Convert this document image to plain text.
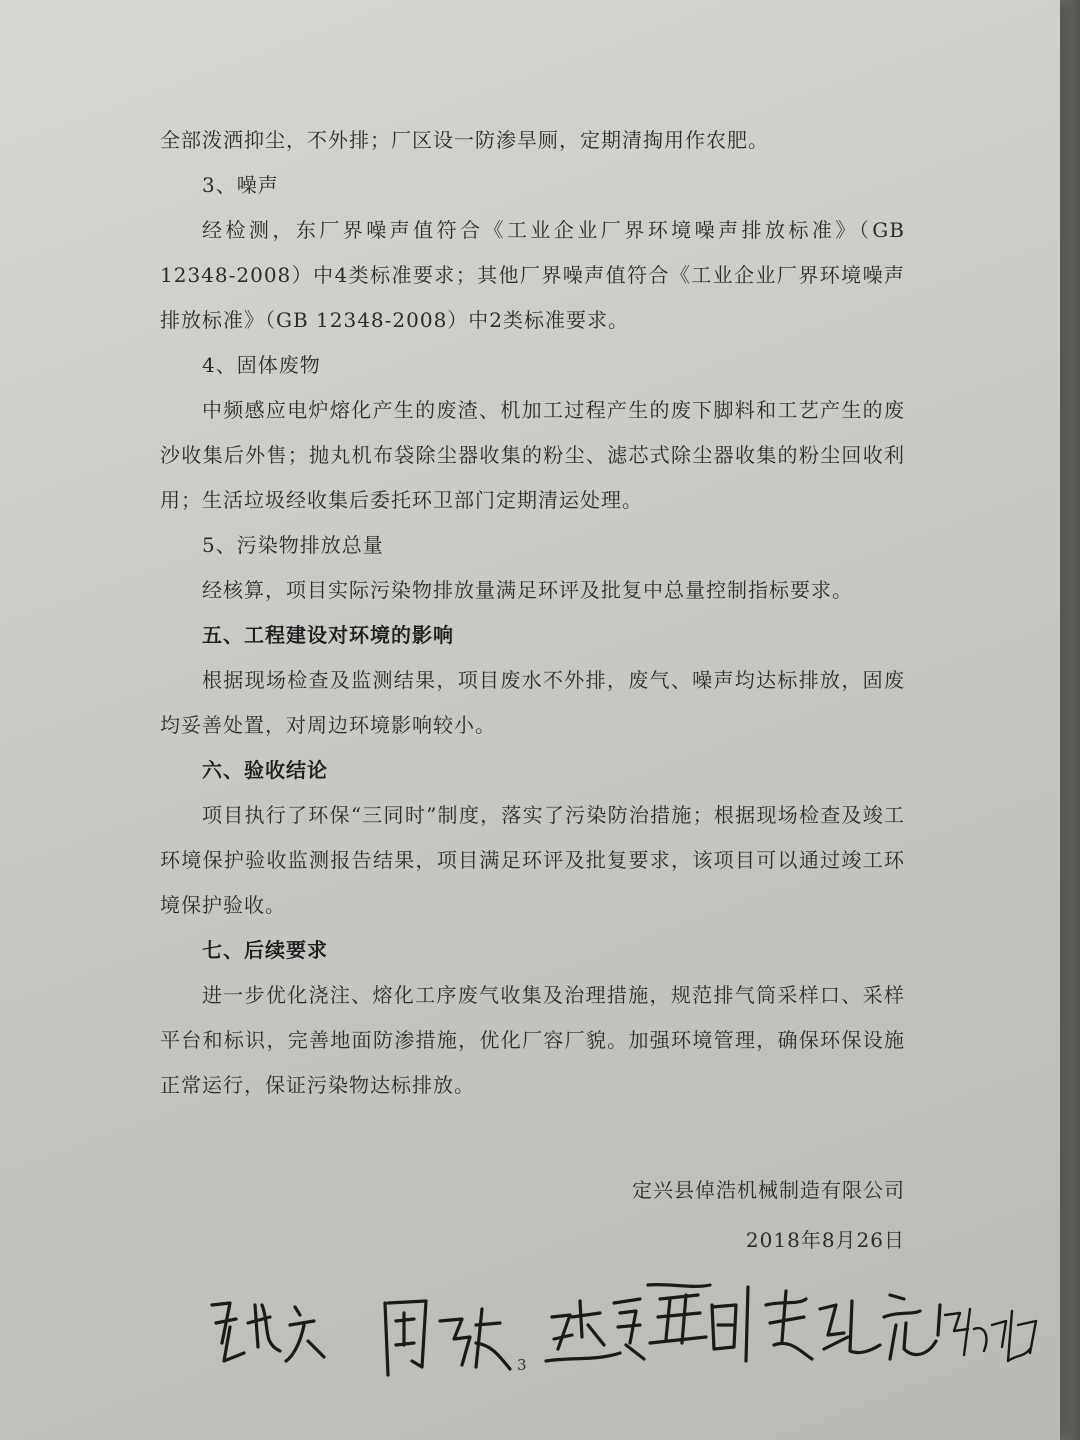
全部泼洒抑尘，不外排；厂区设一防渗旱厕，定期清掏用作农肥。

3、噪声

经检测，东厂界噪声值符合《工业企业厂界环境噪声排放标准》（GB 12348-2008）中4类标准要求；其他厂界噪声值符合《工业企业厂界环境噪声排放标准》（GB 12348-2008）中2类标准要求。

4、固体废物

中频感应电炉熔化产生的废渣、机加工过程产生的废下脚料和工艺产生的废沙收集后外售；抛丸机布袋除尘器收集的粉尘、滤芯式除尘器收集的粉尘回收利用；生活垃圾经收集后委托环卫部门定期清运处理。

5、污染物排放总量

经核算，项目实际污染物排放量满足环评及批复中总量控制指标要求。

五、工程建设对环境的影响

根据现场检查及监测结果，项目废水不外排，废气、噪声均达标排放，固废均妥善处置，对周边环境影响较小。

六、验收结论

项目执行了环保“三同时”制度，落实了污染防治措施；根据现场检查及竣工环境保护验收监测报告结果，项目满足环评及批复要求，该项目可以通过竣工环境保护验收。

七、后续要求

进一步优化浇注、熔化工序废气收集及治理措施，规范排气筒采样口、采样平台和标识，完善地面防渗措施，优化厂容厂貌。加强环境管理，确保环保设施正常运行，保证污染物达标排放。

定兴县倬浩机械制造有限公司
2018年8月26日
3
